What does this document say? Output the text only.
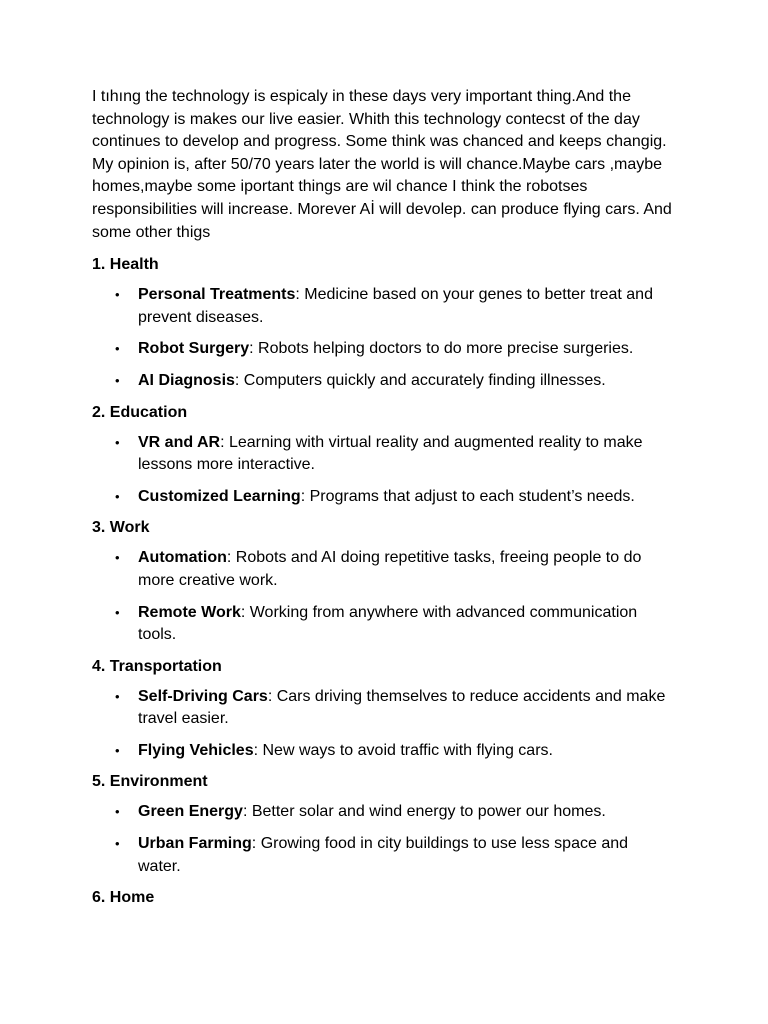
I tıhıng the technology is espicaly in these days very important thing.And the technology is makes our live easier. Whith this technology contecst of the day continues to develop and progress. Some think was chanced and keeps changig. My opinion is, after 50/70 years later the world is will chance.Maybe cars ,maybe homes,maybe some iportant things are wil chance I think the robotses responsibilities will increase. Morever Aİ will devolep. can produce flying cars. And some other thigs

1. Health
• Personal Treatments: Medicine based on your genes to better treat and prevent diseases.
• Robot Surgery: Robots helping doctors to do more precise surgeries.
• AI Diagnosis: Computers quickly and accurately finding illnesses.
2. Education
• VR and AR: Learning with virtual reality and augmented reality to make lessons more interactive.
• Customized Learning: Programs that adjust to each student’s needs.
3. Work
• Automation: Robots and AI doing repetitive tasks, freeing people to do more creative work.
• Remote Work: Working from anywhere with advanced communication tools.
4. Transportation
• Self-Driving Cars: Cars driving themselves to reduce accidents and make travel easier.
• Flying Vehicles: New ways to avoid traffic with flying cars.
5. Environment
• Green Energy: Better solar and wind energy to power our homes.
• Urban Farming: Growing food in city buildings to use less space and water.
6. Home
